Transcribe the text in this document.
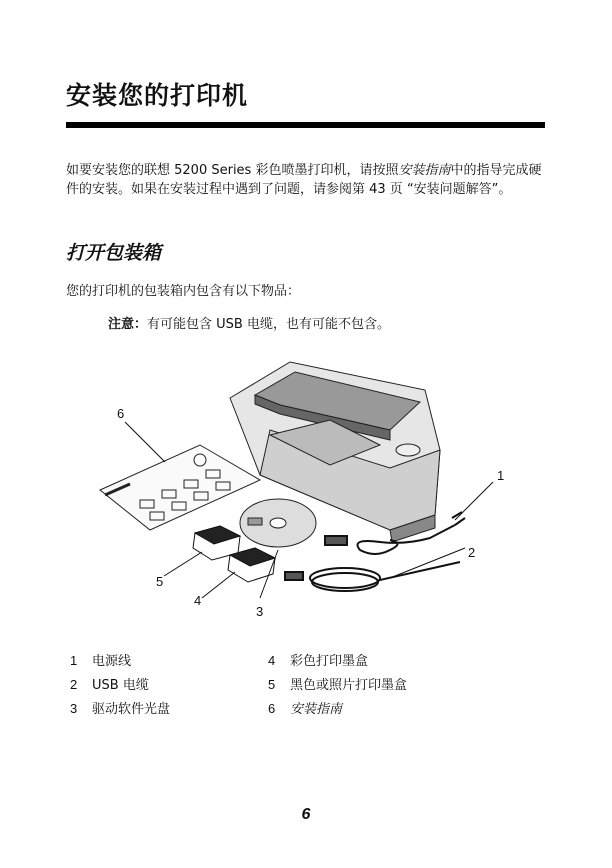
安装您的打印机
如要安装您的联想 5200 Series 彩色喷墨打印机，请按照安装指南中的指导完成硬件的安装。如果在安装过程中遇到了问题，请参阅第 43 页 “安装问题解答”。
打开包装箱
您的打印机的包装箱内包含有以下物品：
注意：有可能包含 USB 电缆，也有可能不包含。
6
1
2
3
4
5
1 电源线
2 USB 电缆
3 驱动软件光盘
4 彩色打印墨盒
5 黑色或照片打印墨盒
6 安装指南
6
